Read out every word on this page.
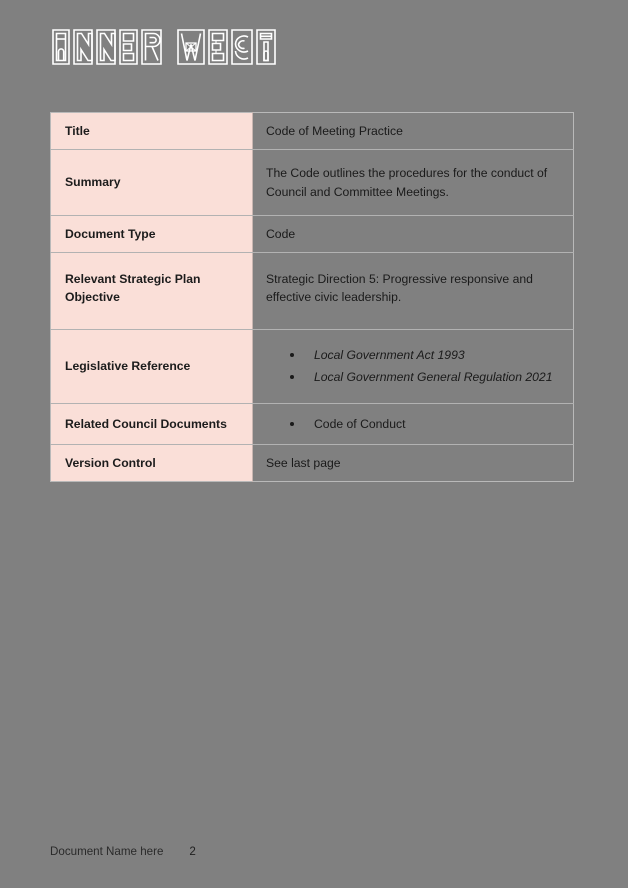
Title	Code of Meeting Practice

Summary	The Code outlines the procedures for the conduct of Council and Committee Meetings.

Document Type	Code

Relevant Strategic Plan Objective	Strategic Direction 5: Progressive responsive and effective civic leadership.

Legislative Reference	
Local Government Act 1993
Local Government General Regulation 2021

Related Council Documents	Code of Conduct

Version Control	See last page
Document Name here 2
